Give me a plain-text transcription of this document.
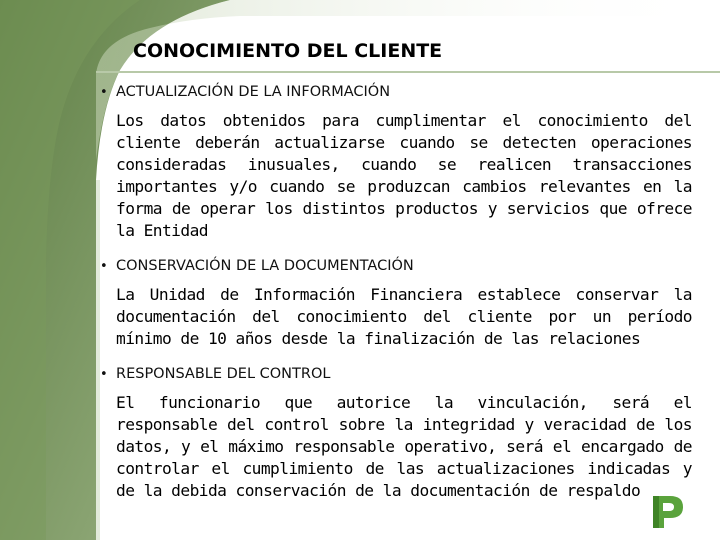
CONOCIMIENTO DEL CLIENTE
• ACTUALIZACIÓN DE LA INFORMACIÓN

Los datos obtenidos para cumplimentar el conocimiento del cliente deberán actualizarse cuando se detecten operaciones consideradas inusuales, cuando se realicen transacciones importantes y/o cuando se produzcan cambios relevantes en la forma de operar los distintos productos y servicios que ofrece la Entidad

• CONSERVACIÓN DE LA DOCUMENTACIÓN

La Unidad de Información Financiera establece conservar la documentación del conocimiento del cliente por un período mínimo de 10 años desde la finalización de las relaciones

• RESPONSABLE DEL CONTROL

El funcionario que autorice la vinculación, será el responsable del control sobre la integridad y veracidad de los datos, y el máximo responsable operativo, será el encargado de controlar el cumplimiento de las actualizaciones indicadas y de la debida conservación de la documentación de respaldo
